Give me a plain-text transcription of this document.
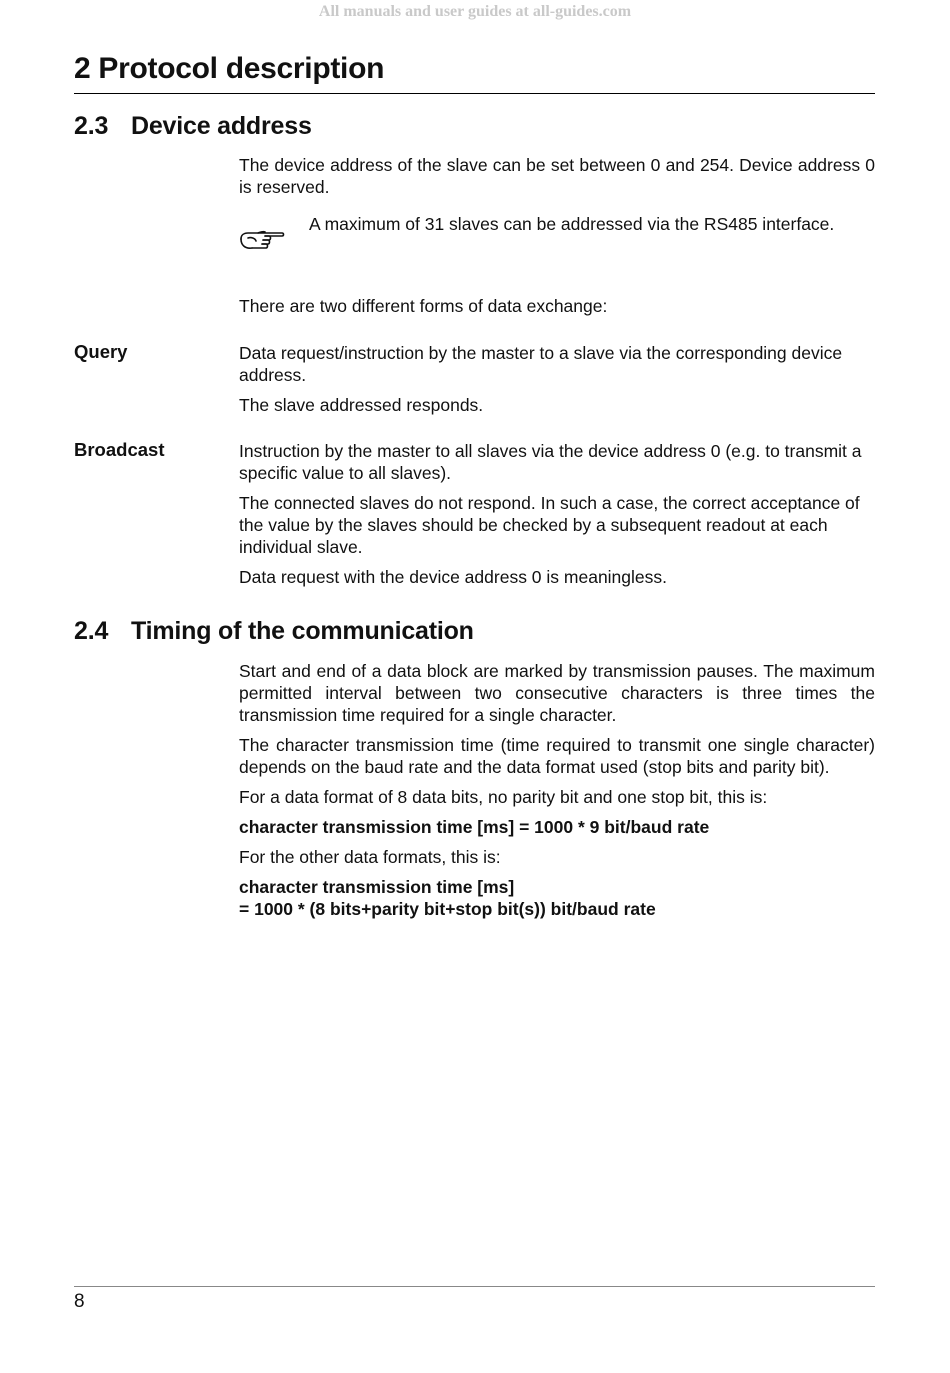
All manuals and user guides at all-guides.com
2 Protocol description
2.3 Device address

The device address of the slave can be set between 0 and 254. Device address 0 is reserved.

A maximum of 31 slaves can be addressed via the RS485 interface.

There are two different forms of data exchange:

Query	Data request/instruction by the master to a slave via the corresponding device address.

The slave addressed responds.

Broadcast	Instruction by the master to all slaves via the device address 0 (e.g. to transmit a specific value to all slaves).

The connected slaves do not respond. In such a case, the correct acceptance of the value by the slaves should be checked by a subsequent readout at each individual slave.

Data request with the device address 0 is meaningless.

2.4 Timing of the communication

Start and end of a data block are marked by transmission pauses. The maximum permitted interval between two consecutive characters is three times the transmission time required for a single character.

The character transmission time (time required to transmit one single character) depends on the baud rate and the data format used (stop bits and parity bit).

For a data format of 8 data bits, no parity bit and one stop bit, this is:

character transmission time [ms] = 1000 * 9 bit/baud rate

For the other data formats, this is:

character transmission time [ms]

= 1000 * (8 bits+parity bit+stop bit(s)) bit/baud rate

8
